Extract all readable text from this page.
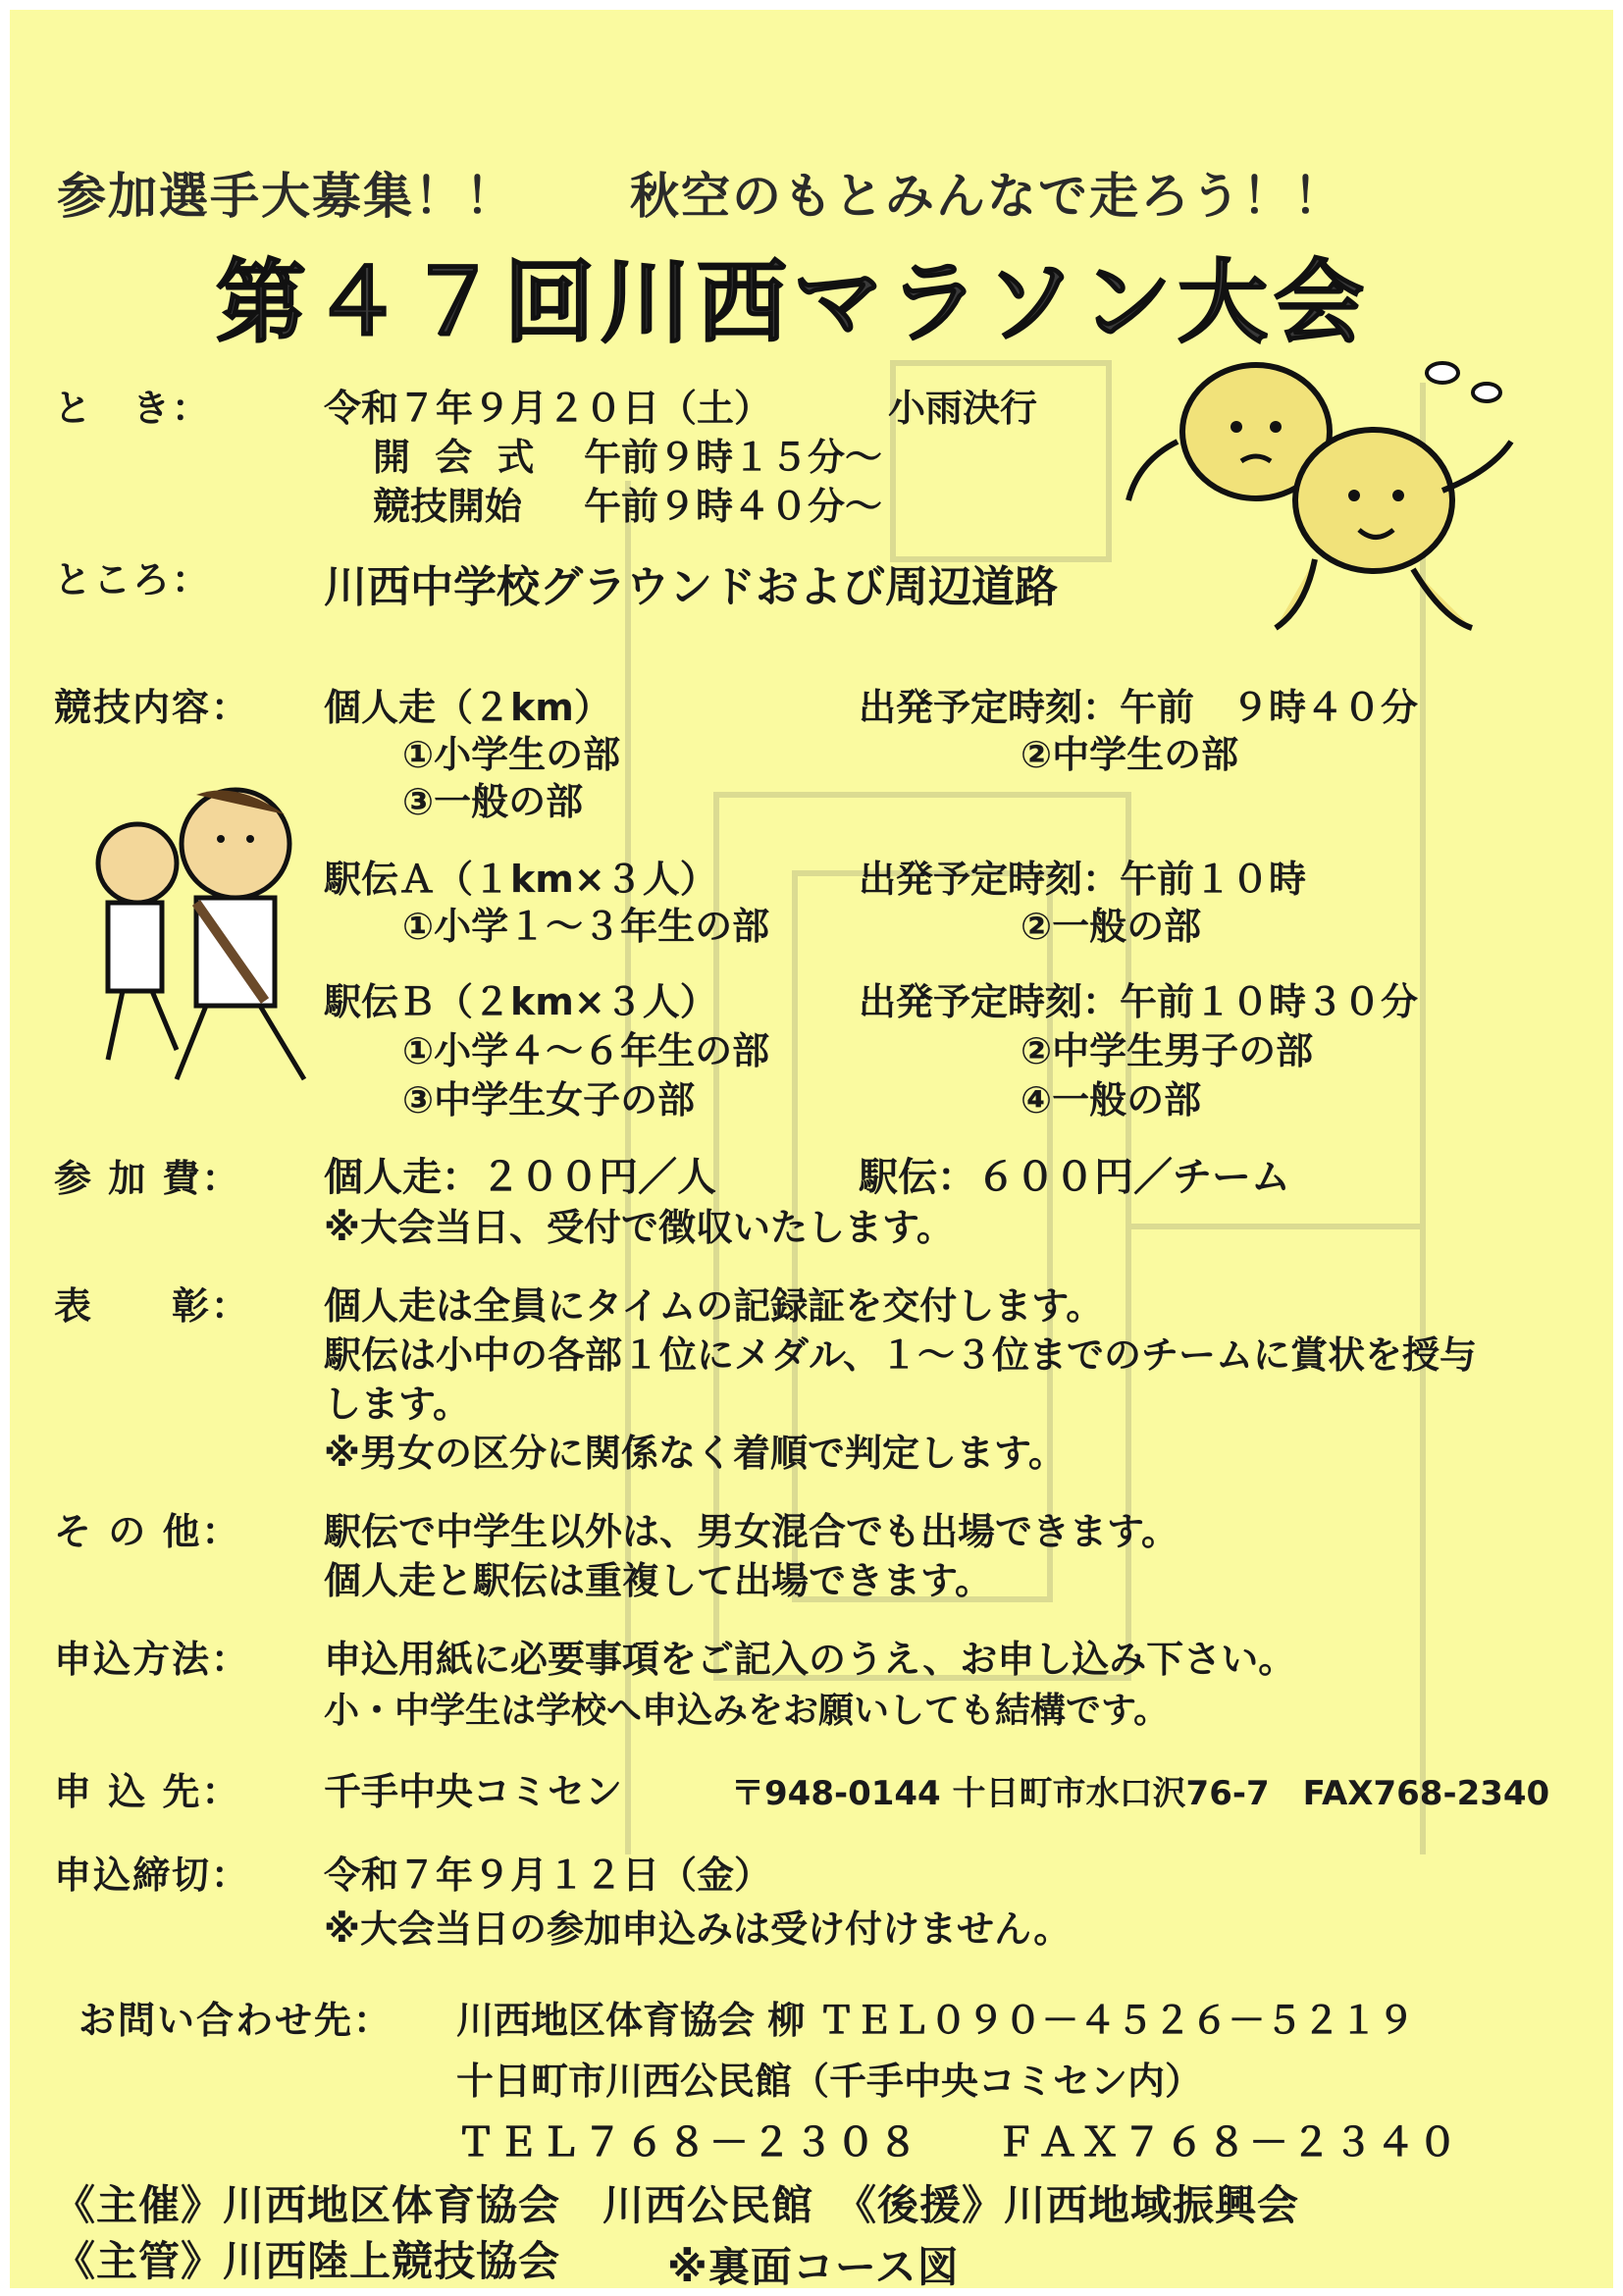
参加選手大募集！！ 秋空のもとみんなで走ろう！！
第４７回川西マラソン大会
と　き：	令和７年９月２０日（土）	小雨決行
開 会 式 午前９時１５分～
競技開始 午前９時４０分～
ところ：	川西中学校グラウンドおよび周辺道路
競技内容： 個人走（２km）	出発予定時刻：午前　９時４０分
①小学生の部	②中学生の部
③一般の部
駅伝Ａ（１km×３人）	出発予定時刻：午前１０時
①小学１～３年生の部	②一般の部
駅伝Ｂ（２km×３人）	出発予定時刻：午前１０時３０分
①小学４～６年生の部	②中学生男子の部
③中学生女子の部	④一般の部
参 加 費： 個人走：２００円／人	駅伝：６００円／チーム
※大会当日、受付で徴収いたします。
表　　彰： 個人走は全員にタイムの記録証を交付します。
駅伝は小中の各部１位にメダル、１～３位までのチームに賞状を授与
します。
※男女の区分に関係なく着順で判定します。
そ の 他： 駅伝で中学生以外は、男女混合でも出場できます。
個人走と駅伝は重複して出場できます。
申込方法： 申込用紙に必要事項をご記入のうえ、お申し込み下さい。
小・中学生は学校へ申込みをお願いしても結構です。
申 込 先： 千手中央コミセン	〒948-0144 十日町市水口沢76-7　FAX768-2340
申込締切： 令和７年９月１２日（金）
※大会当日の参加申込みは受け付けません。
お問い合わせ先： 川西地区体育協会 柳 ＴＥＬ０９０－４５２６－５２１９
十日町市川西公民館（千手中央コミセン内）
ＴＥＬ７６８－２３０８ ＦＡＸ７６８－２３４０
《主催》川西地区体育協会　川西公民館　《後援》川西地域振興会
《主管》川西陸上競技協会	※裏面コース図
